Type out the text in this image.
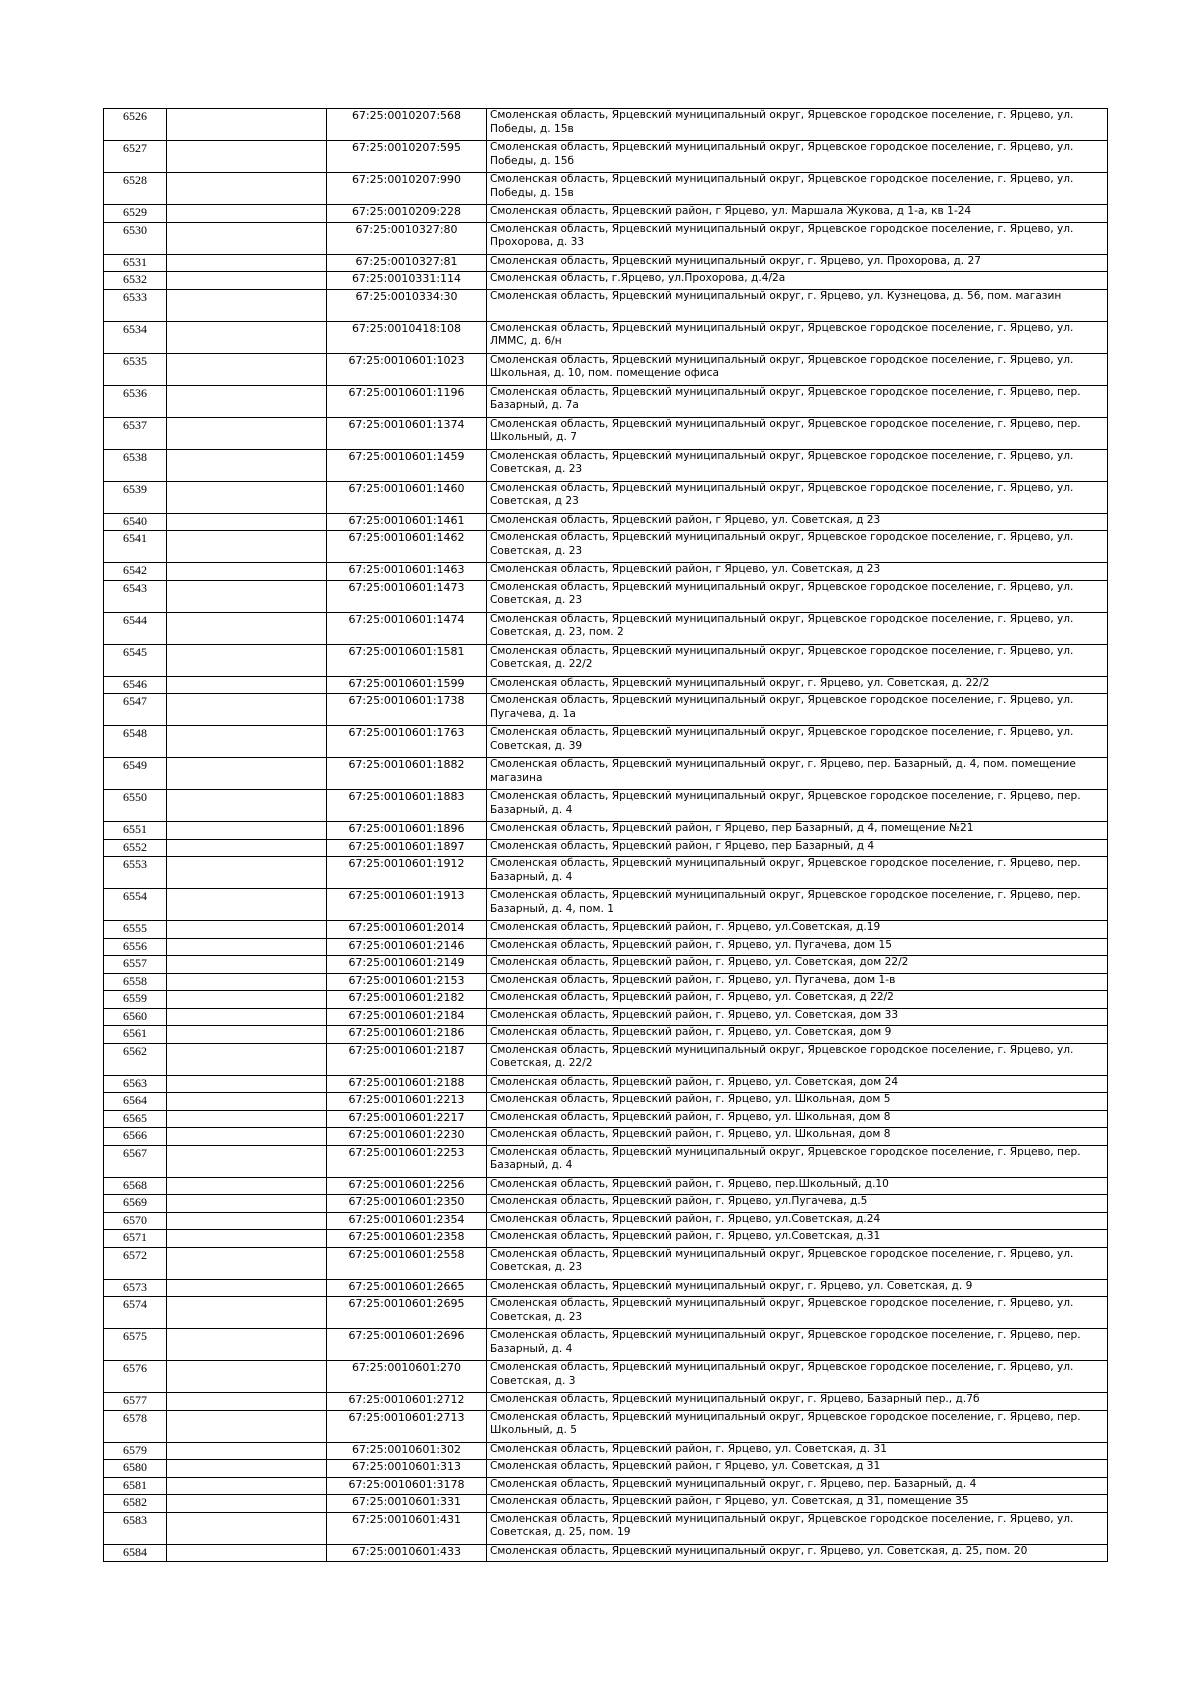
6526		67:25:0010207:568	Смоленская область, Ярцевский муниципальный округ, Ярцевское городское поселение, г. Ярцево, ул. Победы, д. 15в
6527		67:25:0010207:595	Смоленская область, Ярцевский муниципальный округ, Ярцевское городское поселение, г. Ярцево, ул. Победы, д. 15б
6528		67:25:0010207:990	Смоленская область, Ярцевский муниципальный округ, Ярцевское городское поселение, г. Ярцево, ул. Победы, д. 15в
6529		67:25:0010209:228	Смоленская область, Ярцевский район, г Ярцево, ул. Маршала Жукова, д 1-а, кв 1-24
6530		67:25:0010327:80	Смоленская область, Ярцевский муниципальный округ, Ярцевское городское поселение, г. Ярцево, ул. Прохорова, д. 33
6531		67:25:0010327:81	Смоленская область, Ярцевский муниципальный округ, г. Ярцево, ул. Прохорова, д. 27
6532		67:25:0010331:114	Смоленская область, г.Ярцево, ул.Прохорова, д.4/2а
6533		67:25:0010334:30	Смоленская область, Ярцевский муниципальный округ, г. Ярцево, ул. Кузнецова, д. 56, пом. магазин
6534		67:25:0010418:108	Смоленская область, Ярцевский муниципальный округ, Ярцевское городское поселение, г. Ярцево, ул. ЛММС, д. 6/н
6535		67:25:0010601:1023	Смоленская область, Ярцевский муниципальный округ, Ярцевское городское поселение, г. Ярцево, ул. Школьная, д. 10, пом. помещение офиса
6536		67:25:0010601:1196	Смоленская область, Ярцевский муниципальный округ, Ярцевское городское поселение, г. Ярцево, пер. Базарный, д. 7а
6537		67:25:0010601:1374	Смоленская область, Ярцевский муниципальный округ, Ярцевское городское поселение, г. Ярцево, пер. Школьный, д. 7
6538		67:25:0010601:1459	Смоленская область, Ярцевский муниципальный округ, Ярцевское городское поселение, г. Ярцево, ул. Советская, д. 23
6539		67:25:0010601:1460	Смоленская область, Ярцевский муниципальный округ, Ярцевское городское поселение, г. Ярцево, ул. Советская, д 23
6540		67:25:0010601:1461	Смоленская область, Ярцевский район, г Ярцево, ул. Советская, д 23
6541		67:25:0010601:1462	Смоленская область, Ярцевский муниципальный округ, Ярцевское городское поселение, г. Ярцево, ул. Советская, д. 23
6542		67:25:0010601:1463	Смоленская область, Ярцевский район, г Ярцево, ул. Советская, д 23
6543		67:25:0010601:1473	Смоленская область, Ярцевский муниципальный округ, Ярцевское городское поселение, г. Ярцево, ул. Советская, д. 23
6544		67:25:0010601:1474	Смоленская область, Ярцевский муниципальный округ, Ярцевское городское поселение, г. Ярцево, ул. Советская, д. 23, пом. 2
6545		67:25:0010601:1581	Смоленская область, Ярцевский муниципальный округ, Ярцевское городское поселение, г. Ярцево, ул. Советская, д. 22/2
6546		67:25:0010601:1599	Смоленская область, Ярцевский муниципальный округ, г. Ярцево, ул. Советская, д. 22/2
6547		67:25:0010601:1738	Смоленская область, Ярцевский муниципальный округ, Ярцевское городское поселение, г. Ярцево, ул. Пугачева, д. 1а
6548		67:25:0010601:1763	Смоленская область, Ярцевский муниципальный округ, Ярцевское городское поселение, г. Ярцево, ул. Советская, д. 39
6549		67:25:0010601:1882	Смоленская область, Ярцевский муниципальный округ, г. Ярцево, пер. Базарный, д. 4, пом. помещение магазина
6550		67:25:0010601:1883	Смоленская область, Ярцевский муниципальный округ, Ярцевское городское поселение, г. Ярцево, пер. Базарный, д. 4
6551		67:25:0010601:1896	Смоленская область, Ярцевский район, г Ярцево, пер Базарный, д 4, помещение №21
6552		67:25:0010601:1897	Смоленская область, Ярцевский район, г Ярцево, пер Базарный, д 4
6553		67:25:0010601:1912	Смоленская область, Ярцевский муниципальный округ, Ярцевское городское поселение, г. Ярцево, пер. Базарный, д. 4
6554		67:25:0010601:1913	Смоленская область, Ярцевский муниципальный округ, Ярцевское городское поселение, г. Ярцево, пер. Базарный, д. 4, пом. 1
6555		67:25:0010601:2014	Смоленская область, Ярцевский район, г. Ярцево, ул.Советская, д.19
6556		67:25:0010601:2146	Смоленская область, Ярцевский район, г. Ярцево, ул. Пугачева, дом 15
6557		67:25:0010601:2149	Смоленская область, Ярцевский район, г. Ярцево, ул. Советская, дом 22/2
6558		67:25:0010601:2153	Смоленская область, Ярцевский район, г. Ярцево, ул. Пугачева, дом 1-в
6559		67:25:0010601:2182	Смоленская область, Ярцевский район, г. Ярцево, ул. Советская, д 22/2
6560		67:25:0010601:2184	Смоленская область, Ярцевский район, г. Ярцево, ул. Советская, дом 33
6561		67:25:0010601:2186	Смоленская область, Ярцевский район, г. Ярцево, ул. Советская, дом 9
6562		67:25:0010601:2187	Смоленская область, Ярцевский муниципальный округ, Ярцевское городское поселение, г. Ярцево, ул. Советская, д. 22/2
6563		67:25:0010601:2188	Смоленская область, Ярцевский район, г. Ярцево, ул. Советская, дом 24
6564		67:25:0010601:2213	Смоленская область, Ярцевский район, г. Ярцево, ул. Школьная, дом 5
6565		67:25:0010601:2217	Смоленская область, Ярцевский район, г. Ярцево, ул. Школьная, дом 8
6566		67:25:0010601:2230	Смоленская область, Ярцевский район, г. Ярцево, ул. Школьная, дом 8
6567		67:25:0010601:2253	Смоленская область, Ярцевский муниципальный округ, Ярцевское городское поселение, г. Ярцево, пер. Базарный, д. 4
6568		67:25:0010601:2256	Смоленская область, Ярцевский район, г. Ярцево, пер.Школьный, д.10
6569		67:25:0010601:2350	Смоленская область, Ярцевский район, г. Ярцево, ул.Пугачева, д.5
6570		67:25:0010601:2354	Смоленская область, Ярцевский район, г. Ярцево, ул.Советская, д.24
6571		67:25:0010601:2358	Смоленская область, Ярцевский район, г. Ярцево, ул.Советская, д.31
6572		67:25:0010601:2558	Смоленская область, Ярцевский муниципальный округ, Ярцевское городское поселение, г. Ярцево, ул. Советская, д. 23
6573		67:25:0010601:2665	Смоленская область, Ярцевский муниципальный округ, г. Ярцево, ул. Советская, д. 9
6574		67:25:0010601:2695	Смоленская область, Ярцевский муниципальный округ, Ярцевское городское поселение, г. Ярцево, ул. Советская, д. 23
6575		67:25:0010601:2696	Смоленская область, Ярцевский муниципальный округ, Ярцевское городское поселение, г. Ярцево, пер. Базарный, д. 4
6576		67:25:0010601:270	Смоленская область, Ярцевский муниципальный округ, Ярцевское городское поселение, г. Ярцево, ул. Советская, д. 3
6577		67:25:0010601:2712	Смоленская область, Ярцевский муниципальный округ, г. Ярцево, Базарный пер., д.7б
6578		67:25:0010601:2713	Смоленская область, Ярцевский муниципальный округ, Ярцевское городское поселение, г. Ярцево, пер. Школьный, д. 5
6579		67:25:0010601:302	Смоленская область, Ярцевский район, г. Ярцево, ул. Советская, д. 31
6580		67:25:0010601:313	Смоленская область, Ярцевский район, г Ярцево, ул. Советская, д 31
6581		67:25:0010601:3178	Смоленская область, Ярцевский муниципальный округ, г. Ярцево, пер. Базарный, д. 4
6582		67:25:0010601:331	Смоленская область, Ярцевский район, г Ярцево, ул. Советская, д 31, помещение 35
6583		67:25:0010601:431	Смоленская область, Ярцевский муниципальный округ, Ярцевское городское поселение, г. Ярцево, ул. Советская, д. 25, пом. 19
6584		67:25:0010601:433	Смоленская область, Ярцевский муниципальный округ, г. Ярцево, ул. Советская, д. 25, пом. 20
